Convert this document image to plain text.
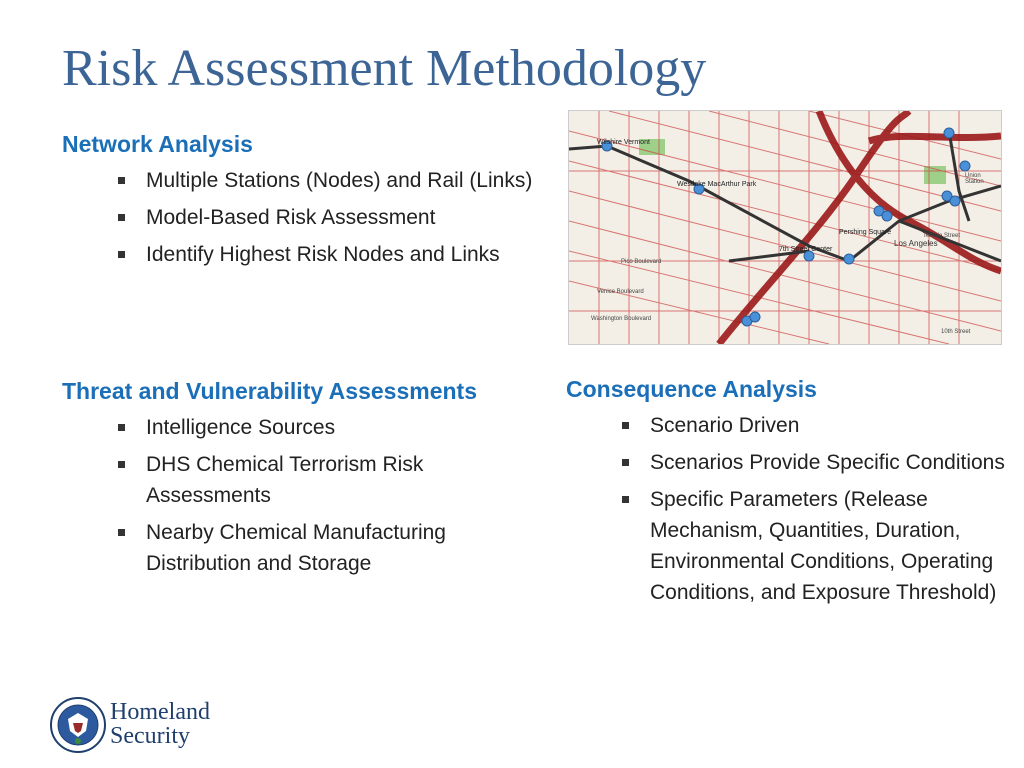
Risk Assessment Methodology
Network Analysis
Multiple Stations (Nodes) and Rail (Links)
Model-Based Risk Assessment
Identify Highest Risk Nodes and Links
Wilshire Vermont
Westlake MacArthur Park
7th Street Center
Pershing Square
Los Angeles
Pico Boulevard
Venice Boulevard
Washington Boulevard
Temple Street
Union Station
10th Street
Threat and Vulnerability Assessments
Intelligence Sources
DHS Chemical Terrorism Risk Assessments
Nearby Chemical Manufacturing Distribution and Storage
Consequence Analysis
Scenario Driven
Scenarios Provide Specific Conditions
Specific Parameters (Release Mechanism, Quantities, Duration, Environmental Conditions, Operating Conditions, and Exposure Threshold)
Homeland
Security
